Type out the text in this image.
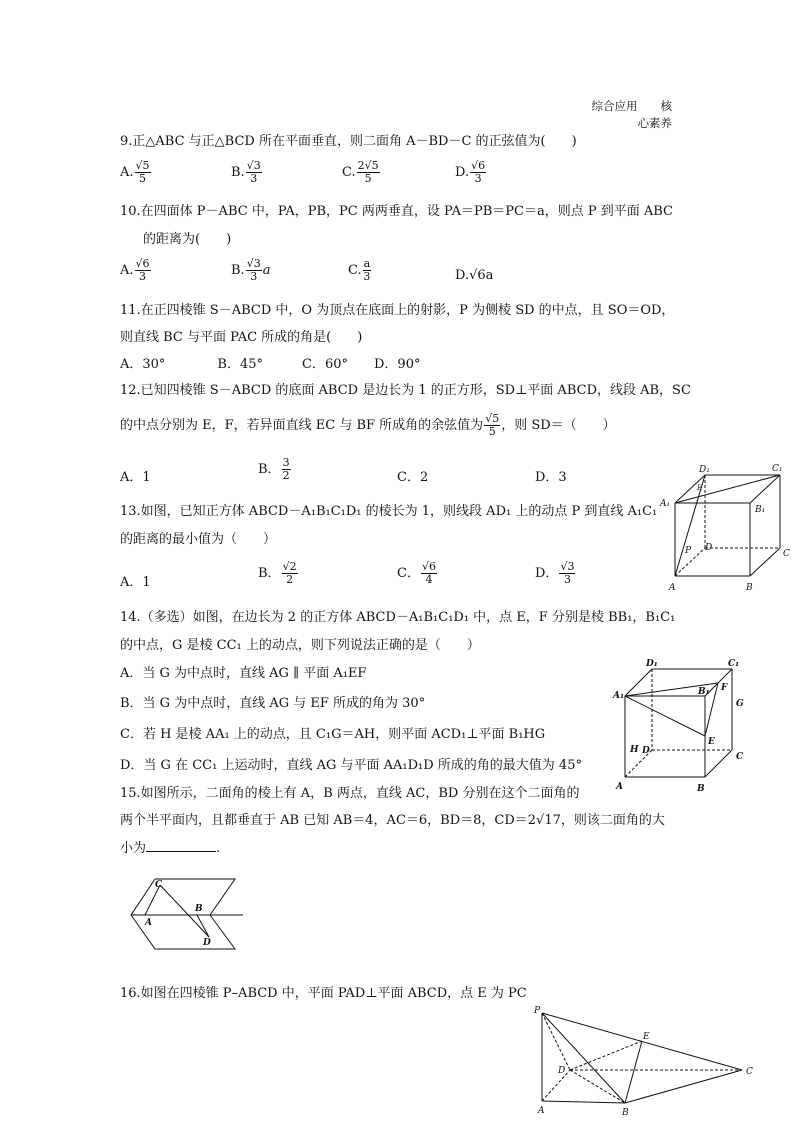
综合应用　　核
心素养
9.正△ABC 与正△BCD 所在平面垂直，则二面角 A－BD－C 的正弦值为(　　)
A. $\frac{√5}{5}$	B. $\frac{√3}{3}$	C. $\frac{2√5}{5}$	D. $\frac{√6}{3}$
10.在四面体 P－ABC 中，PA，PB，PC 两两垂直，设 PA＝PB＝PC＝a，则点 P 到平面 ABC
的距离为(　　)
A. $\frac{√6}{3}$	B. $\frac{√3}{3}$ a	C. $\frac{a}{3}$	D.√6a
11.在正四棱锥 S－ABCD 中，O 为顶点在底面上的射影，P 为侧棱 SD 的中点，且 SO＝OD，
则直线 BC 与平面 PAC 所成的角是(　　)
A．30°　　　　B．45°　　　C．60°　　D．90°
12.已知四棱锥 S－ABCD 的底面 ABCD 是边长为 1 的正方形，SD⊥平面 ABCD，线段 AB，SC
的中点分别为 E，F，若异面直线 EC 与 BF 所成角的余弦值为 $\frac{√5}{5}$ ，则 SD＝（　　）
A．1
B． $\frac{3}{2}$	C．2	D．3
13.如图，已知正方体 ABCD－A₁B₁C₁D₁ 的棱长为 1，则线段 AD₁ 上的动点 P 到直线 A₁C₁
的距离的最小值为（　　）
A．1
B． $\frac{√2}{2}$	C． $\frac{√6}{4}$	D． $\frac{√3}{3}$
D₁	C₁
A₁
B₁
E
P D
C
A	B
14.（多选）如图，在边长为 2 的正方体 ABCD－A₁B₁C₁D₁ 中，点 E，F 分别是棱 BB₁，B₁C₁
的中点，G 是棱 CC₁ 上的动点，则下列说法正确的是（　　）
A．当 G 为中点时，直线 AG ∥ 平面 A₁EF
B．当 G 为中点时，直线 AG 与 EF 所成的角为 30°
C．若 H 是棱 AA₁ 上的动点，且 C₁G＝AH，则平面 ACD₁⊥平面 B₁HG
D．当 G 在 CC₁ 上运动时，直线 AG 与平面 AA₁D₁D 所成的角的最大值为 45°
D₁	C₁
A₁	B₁ F
G
E
H D
C
A	B
15.如图所示，二面角的棱上有 A，B 两点，直线 AC，BD 分别在这个二面角的
两个半平面内，且都垂直于 AB 已知 AB＝4，AC＝6，BD＝8，CD＝2√17，则该二面角的大
小为	.
C
A
B
D
16.如图在四棱锥 P–ABCD 中，平面 PAD⊥平面 ABCD，点 E 为 PC
P
E
D	C
A	B
